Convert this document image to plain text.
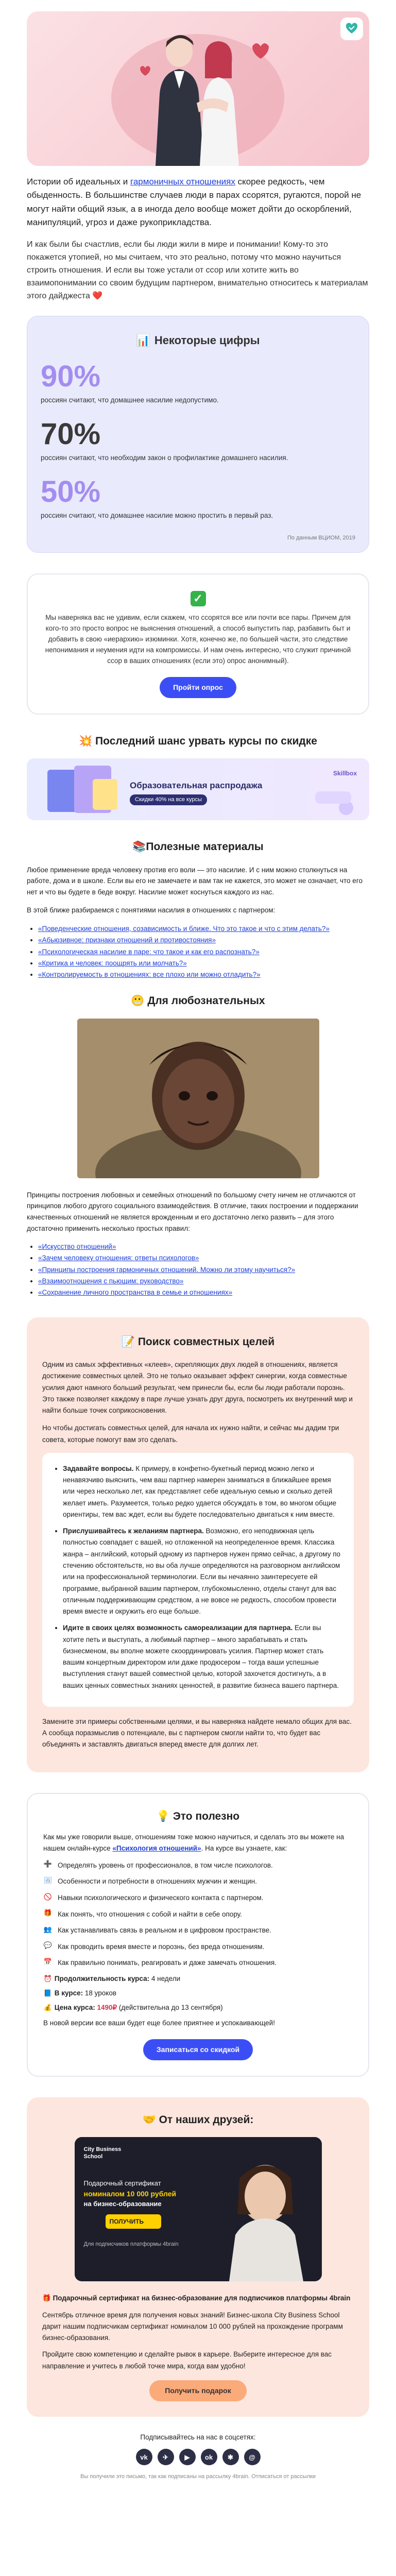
Истории об идеальных и гармоничных отношениях скорее редкость, чем обыденность. В большинстве случаев люди в парах ссорятся, ругаются, порой не могут найти общий язык, а в иногда дело вообще может дойти до оскорблений, манипуляций, угроз и даже рукоприкладства.

И как были бы счастлив, если бы люди жили в мире и понимании! Кому-то это покажется утопией, но мы считаем, что это реально, потому что можно научиться строить отношения. И если вы тоже устали от ссор или хотите жить во взаимопонимании со своим будущим партнером, внимательно относитесь к материалам этого дайджеста ❤️

📊 Некоторые цифры
90%
россиян считают, что домашнее насилие недопустимо.
70%
россиян считают, что необходим закон о профилактике домашнего насилия.
50%
россиян считают, что домашнее насилие можно простить в первый раз.
По данным ВЦИОМ, 2019
✓

Мы наверняка вас не удивим, если скажем, что ссорятся все или почти все пары. Причем для кого-то это просто вопрос не выяснения отношений, а способ выпустить пар, разбавить быт и добавить в свою «иерархию» изюминки. Хотя, конечно же, по большей части, это следствие непонимания и неумения идти на компромиссы. И нам очень интересно, что служит причиной ссор в ваших отношениях (если это) опрос анонимный).

Пройти опрос
💥 Последний шанс урвать курсы по скидке
Образовательная распродажа
Скидки 40% на все курсы
Skillbox
📚Полезные материалы

Любое применение вреда человеку против его воли — это насилие. И с ним можно столкнуться на работе, дома и в школе. Если вы его не замечаете и вам так не кажется, это может не означает, что его нет и что вы будете в беде вокруг. Насилие может коснуться каждого из нас.

В этой ближе разбираемся с понятиями насилия в отношениях с партнером:

• «Поведенческие отношения, созависимость и ближе. Что это такое и что с этим делать?»
• «Абьюзивное: признаки отношений и противостояния»
• «Психологическая насилие в паре: что такое и как его распознать?»
• «Критика и человек: поощрять или молчать?»
• «Контролируемость в отношениях: все плохо или можно отладить?»
😬 Для любознательных

Принципы построения любовных и семейных отношений по большому счету ничем не отличаются от принципов любого другого социального взаимодействия. В отличие, таких построении и поддержании качественных отношений не является врожденным и его достаточно легко развить – для этого достаточно применить несколько простых правил:

• «Искусство отношений»
• «Зачем человеку отношения: ответы психологов»
• «Принципы построения гармоничных отношений. Можно ли этому научиться?»
• «Взаимоотношения с пьющим: руководство»
• «Сохранение личного пространства в семье и отношениях»
📝 Поиск совместных целей

Одним из самых эффективных «клеев», скрепляющих двух людей в отношениях, является достижение совместных целей. Это не только оказывает эффект синергии, когда совместные усилия дают намного больший результат, чем принесли бы, если бы люди работали порознь. Это также позволяет каждому в паре лучше узнать друг друга, посмотреть их внутренний мир и найти больше точек соприкосновения.

Но чтобы достигать совместных целей, для начала их нужно найти, и сейчас мы дадим три совета, которые помогут вам это сделать.

• Задавайте вопросы. К примеру, в конфетно-букетный период можно легко и ненавязчиво выяснить, чем ваш партнер намерен заниматься в ближайшее время или через несколько лет, как представляет себе идеальную семью и сколько детей желает иметь. Разумеется, только редко удается обсуждать в том, во многом общие ориентиры, тем вас ждет, если вы будете последовательно двигаться к ним вместе.
• Прислушивайтесь к желаниям партнера. Возможно, его неподвижная цель полностью совпадает с вашей, но отложенной на неопределенное время. Классика жанра – английский, который одному из партнеров нужен прямо сейчас, а другому по стечению обстоятельств, но вы оба лучше определяются на разговорном английском или на профессиональной терминологии. Если вы нечаянно заинтересуете ей программе, выбранной вашим партнером, глубокомысленно, отделы станут для вас отличным поддерживающим средством, а не вовсе не редкость, способом провести время вместе и окружить его еще больше.
• Идите в своих целях возможность самореализации для партнера. Если вы хотите петь и выступать, а любимый партнер – много зарабатывать и стать бизнесменом, вы вполне можете скоординировать усилия. Партнер может стать вашим концертным директором или даже продюсером – тогда ваши успешные выступления станут вашей совместной целью, которой захочется достигнуть, а в ваших ценных совместных знаниях ценностей, в развитие бизнеса вашего партнера.

Замените эти примеры собственными целями, и вы наверняка найдете немало общих для вас. А сообща поразмыслив о потенциале, вы с партнером смогли найти то, что будет вас объединять и заставлять двигаться вперед вместе для долгих лет.

💡 Это полезно

Как мы уже говорили выше, отношениям тоже можно научиться, и сделать это вы можете на нашем онлайн-курсе «Психология отношений». На курсе вы узнаете, как:

➕ Определять уровень от профессионалов, в том числе психологов.
🖼 Особенности и потребности в отношениях мужчин и женщин.
🚫 Навыки психологического и физического контакта с партнером.
🎁 Как понять, что отношения с собой и найти в себе опору.
👥 Как устанавливать связь в реальном и в цифровом пространстве.
💬 Как проводить время вместе и порознь, без вреда отношениям.
📅 Как правильно понимать, реагировать и даже замечать отношения.
⏰ Продолжительность курса: 4 недели
📘 В курсе: 18 уроков
💰 Цена курса: 1490₽ (действительна до 13 сентября)

В новой версии все ваши будет еще более приятнее и успокаивающей!

Записаться со скидкой
🤝 От наших друзей:
City Business School
Подарочный сертификат
номиналом 10 000 рублей
на бизнес-образование
ПОЛУЧИТЬ
Для подписчиков платформы 4brain

🎁 Подарочный сертификат на бизнес-образование для подписчиков платформы 4brain

Сентябрь отличное время для получения новых знаний! Бизнес-школа City Business School дарит нашим подписчикам сертификат номиналом 10 000 рублей на прохождение программ бизнес-образования.

Пройдите свою компетенцию и сделайте рывок в карьере. Выберите интересное для вас направление и учитесь в любой точке мира, когда вам удобно!

Получить подарок
Подписывайтесь на нас в соцсетях:
vk	✈	▶	ok	✱	@
Вы получили это письмо, так как подписаны на рассылку 4brain. Отписаться от рассылки
